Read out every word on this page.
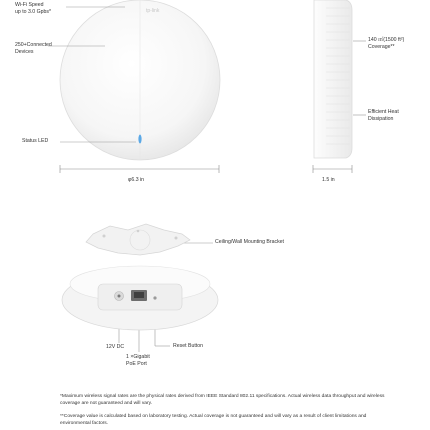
tp-link
Wi-Fi Speed
up to 3.0 Gpbs*
250+Connected
Devices
Status LED
140 ㎡(1500 ft²)
Coverage**
Efficient Heat
Dissipation
Ceiling/Wall Mounting Bracket
12V DC
1 ×Gigabit
PoE Port
Reset Button
φ6.3 in	1.5 in
*Maximum wireless signal rates are the physical rates derived from IEEE Standard 802.11 specifications. Actual wireless data throughput and wireless coverage are not guaranteed and will vary.
**Coverage value is calculated based on laboratory testing. Actual coverage is not guaranteed and will vary as a result of client limitations and environmental factors.
